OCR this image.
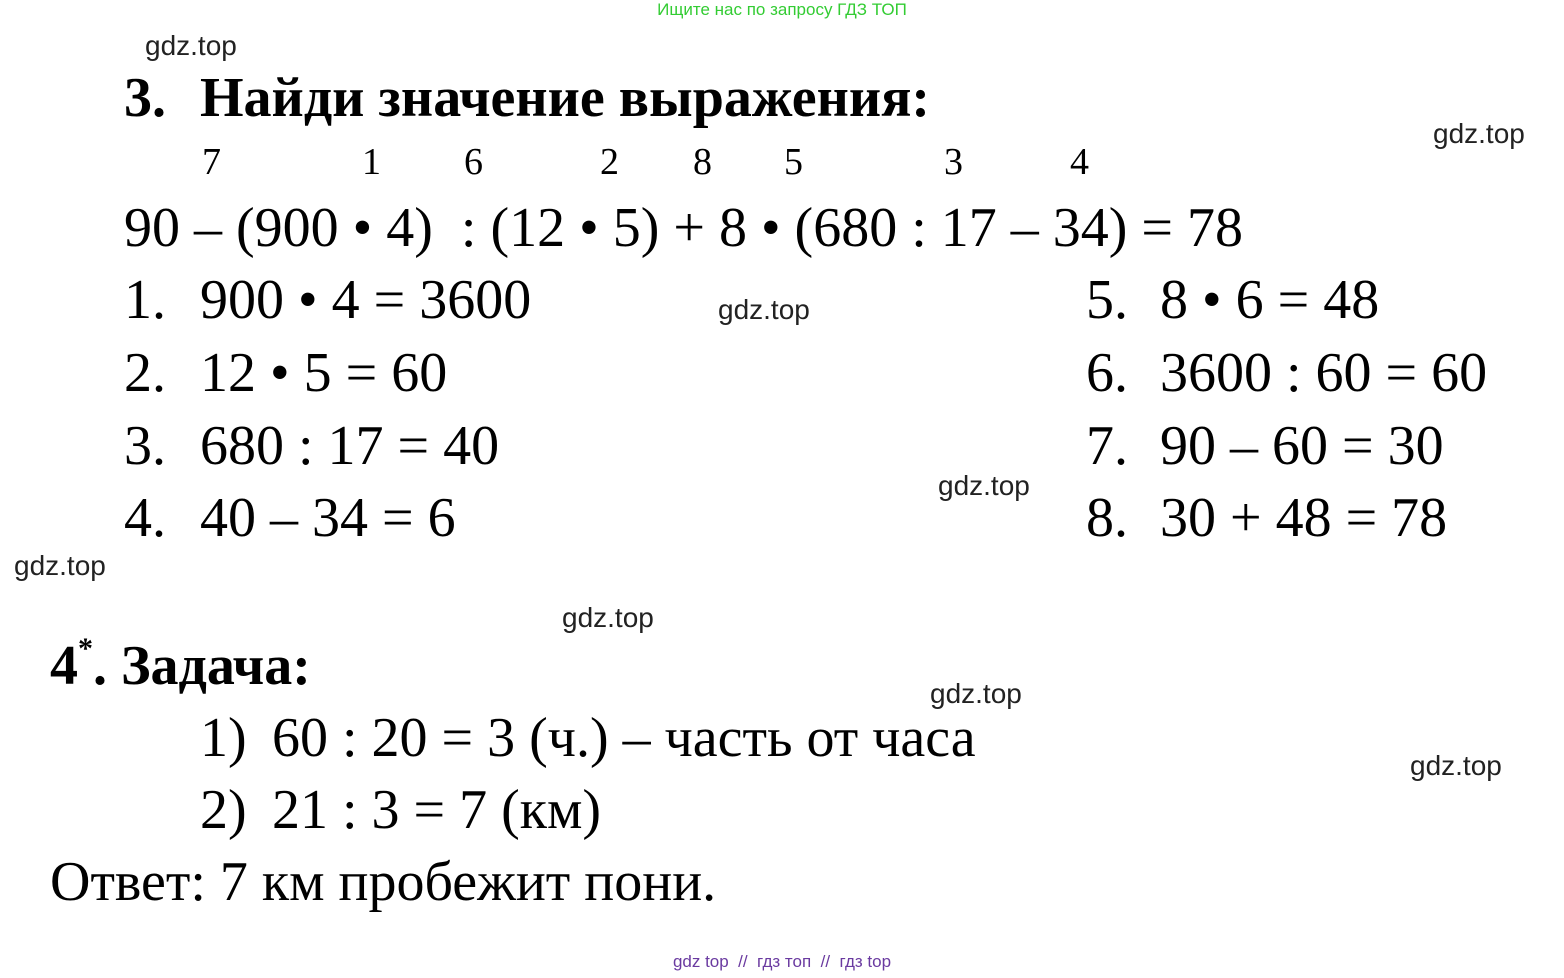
Ищите нас по запросу ГДЗ ТОП
gdz.top
gdz.top
gdz.top
gdz.top
gdz.top
gdz.top
gdz.top
gdz.top
3. Найди значение выражения:
7	1 6	2 8 5	3	4
90 – (900 • 4)  : (12 • 5) + 8 • (680 : 17 – 34) = 78
1. 900 • 4 = 3600
2. 12 • 5 = 60
3. 680 : 17 = 40
4. 40 – 34 = 6
5. 8 • 6 = 48
6. 3600 : 60 = 60
7. 90 – 60 = 30
8. 30 + 48 = 78
4*. Задача:
1) 60 : 20 = 3 (ч.) – часть от часа
2) 21 : 3 = 7 (км)
Ответ: 7 км пробежит пони.
gdz top  //  гдз топ  //  гдз top
